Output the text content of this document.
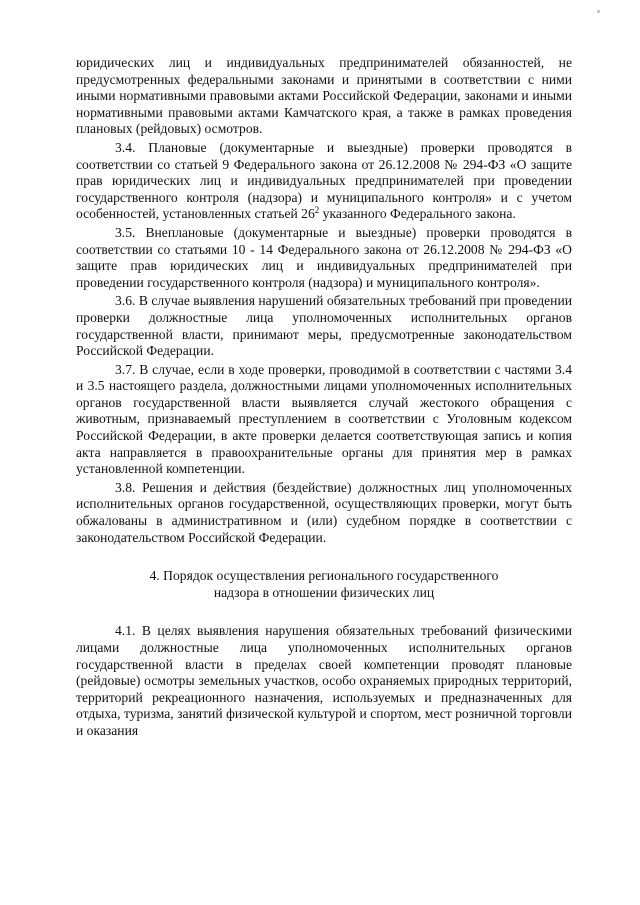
юридических лиц и индивидуальных предпринимателей обязанностей, не предусмотренных федеральными законами и принятыми в соответствии с ними иными нормативными правовыми актами Российской Федерации, законами и иными нормативными правовыми актами Камчатского края, а также в рамках проведения плановых (рейдовых) осмотров.

3.4. Плановые (документарные и выездные) проверки проводятся в соответствии со статьей 9 Федерального закона от 26.12.2008 № 294-ФЗ «О защите прав юридических лиц и индивидуальных предпринимателей при проведении государственного контроля (надзора) и муниципального контроля» и с учетом особенностей, установленных статьей $26^2$ указанного Федерального закона.

3.5. Внеплановые (документарные и выездные) проверки проводятся в соответствии со статьями 10 - 14 Федерального закона от 26.12.2008 № 294-ФЗ «О защите прав юридических лиц и индивидуальных предпринимателей при проведении государственного контроля (надзора) и муниципального контроля».

3.6. В случае выявления нарушений обязательных требований при проведении проверки должностные лица уполномоченных исполнительных органов государственной власти, принимают меры, предусмотренные законодательством Российской Федерации.

3.7. В случае, если в ходе проверки, проводимой в соответствии с частями 3.4 и 3.5 настоящего раздела, должностными лицами уполномоченных исполнительных органов государственной власти выявляется случай жестокого обращения с животным, признаваемый преступлением в соответствии с Уголовным кодексом Российской Федерации, в акте проверки делается соответствующая запись и копия акта направляется в правоохранительные органы для принятия мер в рамках установленной компетенции.

3.8. Решения и действия (бездействие) должностных лиц уполномоченных исполнительных органов государственной, осуществляющих проверки, могут быть обжалованы в административном и (или) судебном порядке в соответствии с законодательством Российской Федерации.

4. Порядок осуществления регионального государственного
надзора в отношении физических лиц

4.1. В целях выявления нарушения обязательных требований физическими лицами должностные лица уполномоченных исполнительных органов государственной власти в пределах своей компетенции проводят плановые (рейдовые) осмотры земельных участков, особо охраняемых природных территорий, территорий рекреационного назначения, используемых и предназначенных для отдыха, туризма, занятий физической культурой и спортом, мест розничной торговли и оказания
